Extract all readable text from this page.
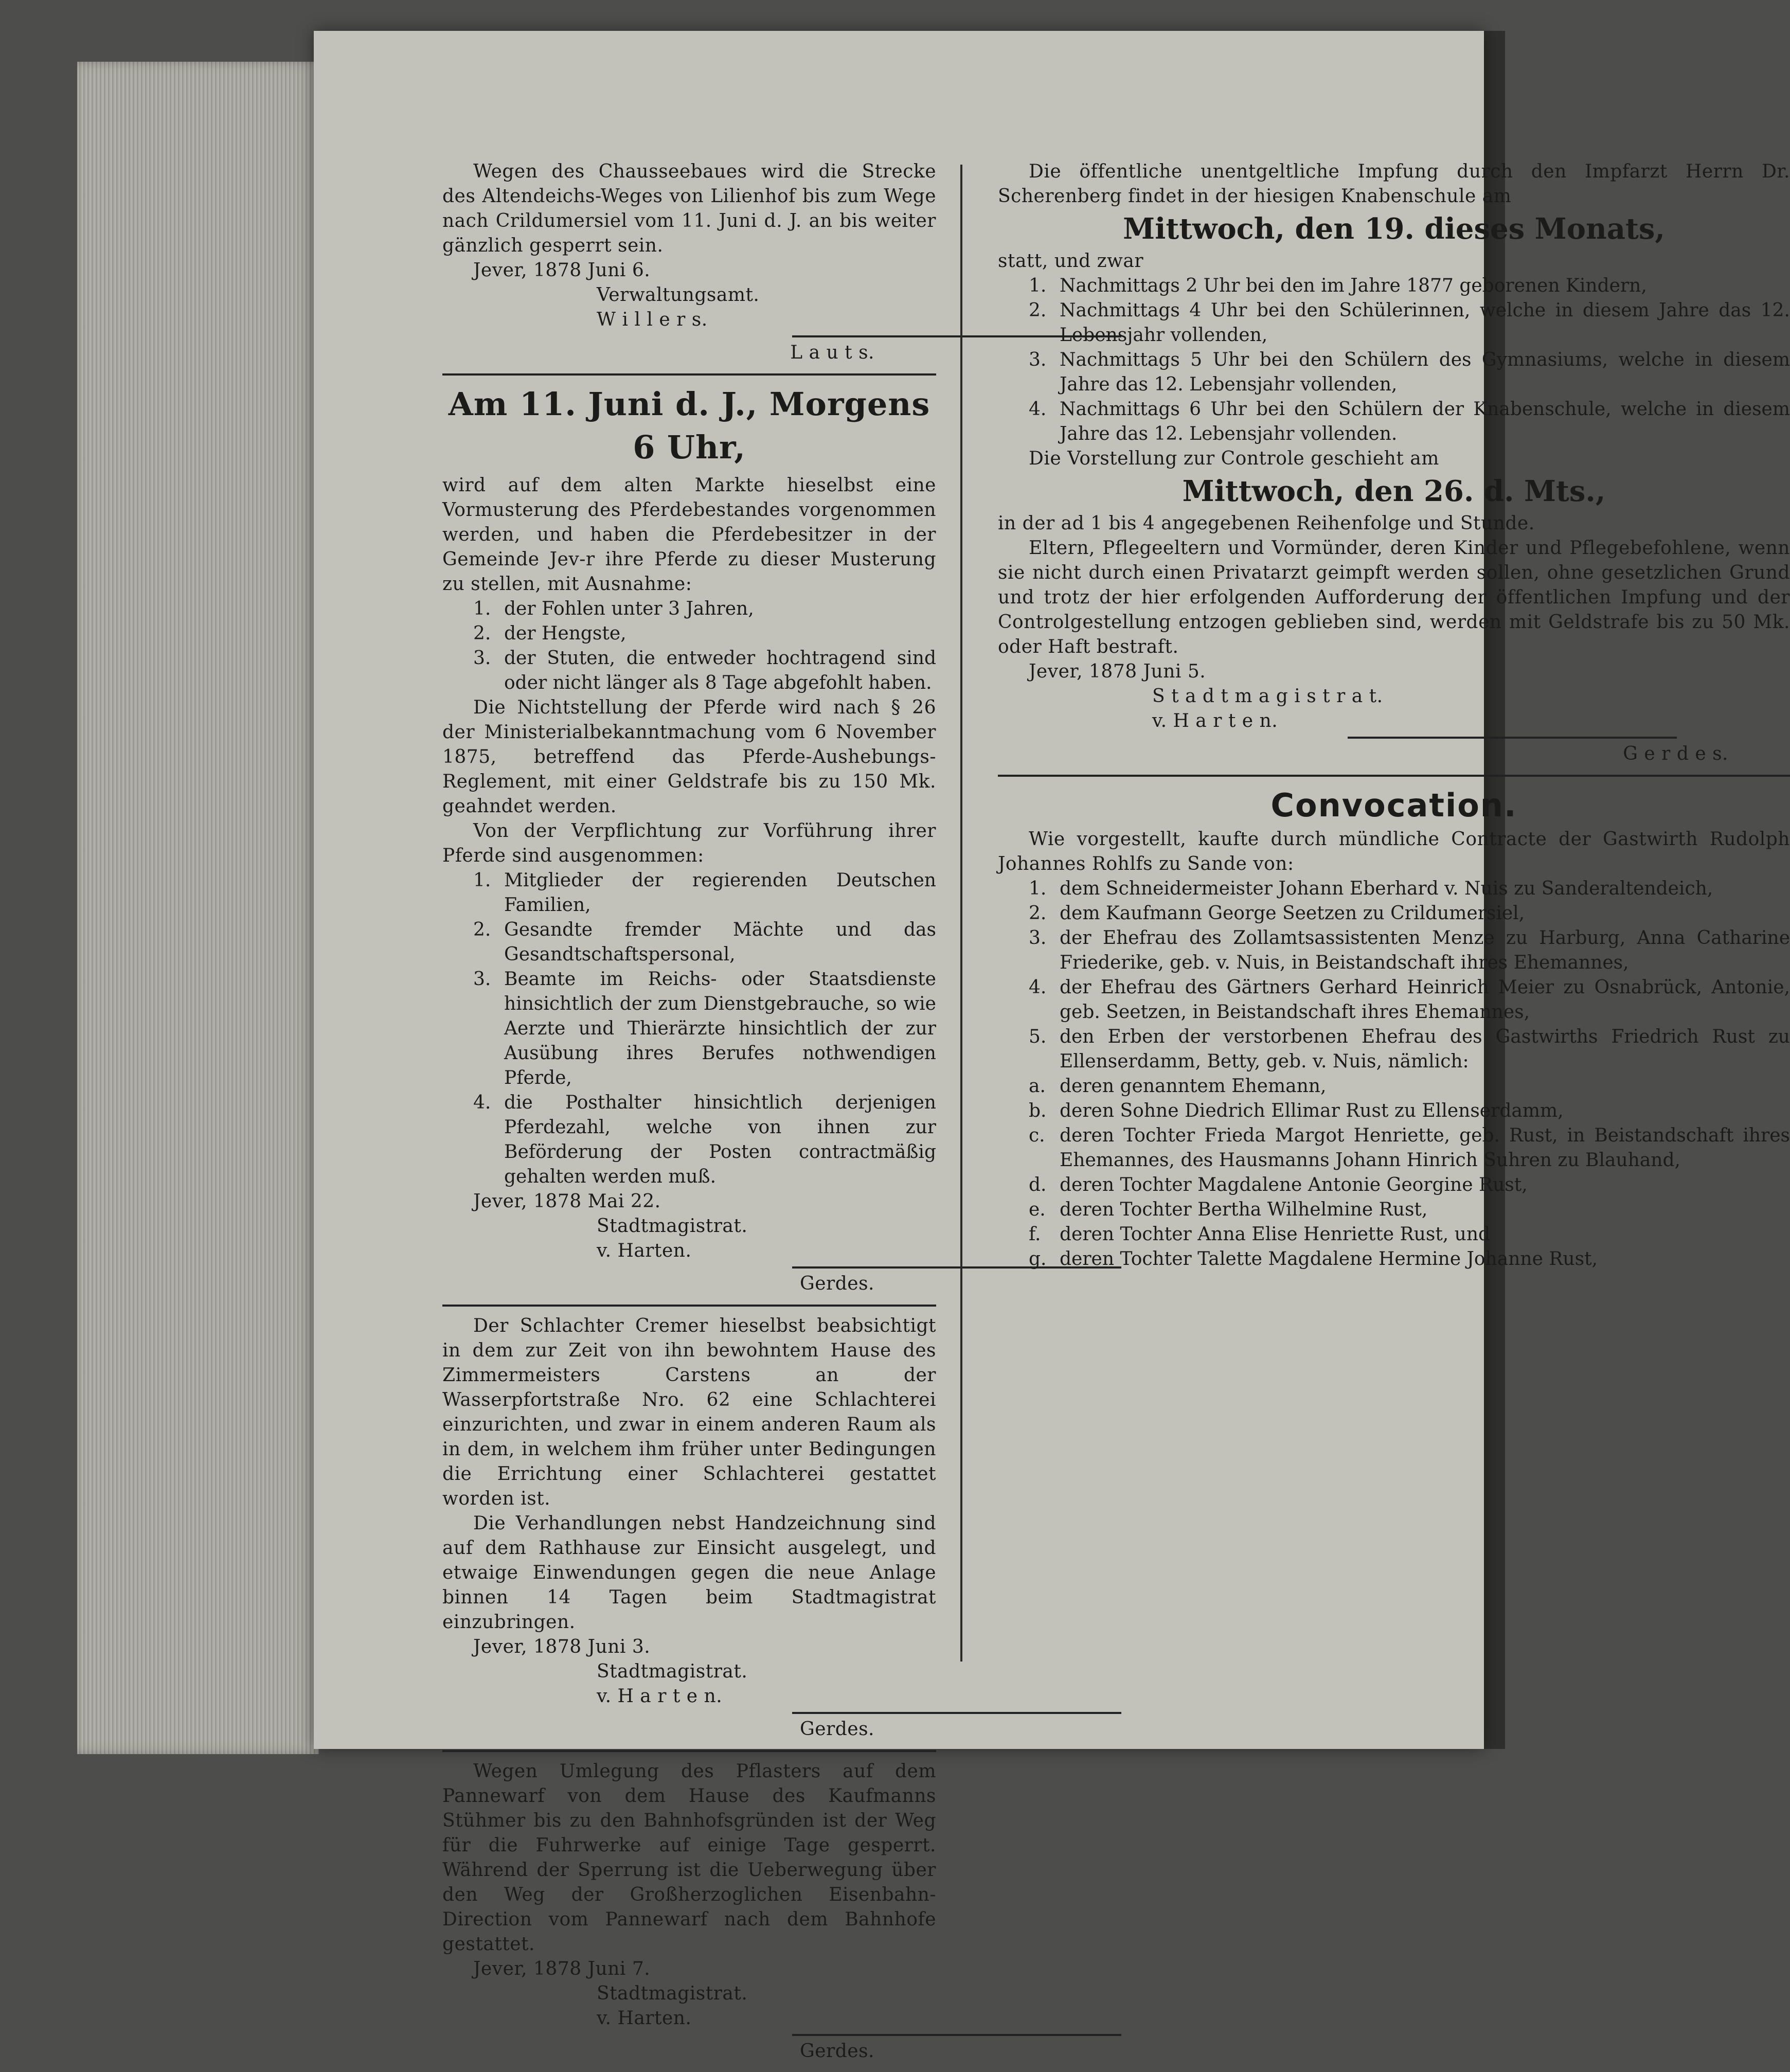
Wegen des Chausseebaues wird die Strecke des Altendeichs-Weges von Lilienhof bis zum Wege nach Crildumersiel vom 11. Juni d. J. an bis weiter gänzlich gesperrt sein.

Jever, 1878 Juni 6.

Verwaltungsamt.

W i l l e r s.

L a u t s.

Am 11. Juni d. J., Morgens 6 Uhr,

wird auf dem alten Markte hieselbst eine Vormusterung des Pferdebestandes vorgenommen werden, und haben die Pferdebesitzer in der Gemeinde Jev-r ihre Pferde zu dieser Musterung zu stellen, mit Ausnahme:

1. der Fohlen unter 3 Jahren,
2. der Hengste,
3. der Stuten, die entweder hochtragend sind oder nicht länger als 8 Tage abgefohlt haben.

Die Nichtstellung der Pferde wird nach § 26 der Ministerialbekanntmachung vom 6 November 1875, betreffend das Pferde-Aushebungs-Reglement, mit einer Geldstrafe bis zu 150 Mk. geahndet werden.

Von der Verpflichtung zur Vorführung ihrer Pferde sind ausgenommen:

1. Mitglieder der regierenden Deutschen Familien,
2. Gesandte fremder Mächte und das Gesandtschaftspersonal,
3. Beamte im Reichs- oder Staatsdienste hinsichtlich der zum Dienstgebrauche, so wie Aerzte und Thierärzte hinsichtlich der zur Ausübung ihres Berufes nothwendigen Pferde,
4. die Posthalter hinsichtlich derjenigen Pferdezahl, welche von ihnen zur Beförderung der Posten contractmäßig gehalten werden muß.

Jever, 1878 Mai 22.

Stadtmagistrat.

v. Harten.

Gerdes.

Der Schlachter Cremer hieselbst beabsichtigt in dem zur Zeit von ihn bewohntem Hause des Zimmermeisters Carstens an der Wasserpfortstraße Nro. 62 eine Schlachterei einzurichten, und zwar in einem anderen Raum als in dem, in welchem ihm früher unter Bedingungen die Errichtung einer Schlachterei gestattet worden ist.

Die Verhandlungen nebst Handzeichnung sind auf dem Rathhause zur Einsicht ausgelegt, und etwaige Einwendungen gegen die neue Anlage binnen 14 Tagen beim Stadtmagistrat einzubringen.

Jever, 1878 Juni 3.

Stadtmagistrat.

v. H a r t e n.

Gerdes.

Wegen Umlegung des Pflasters auf dem Pannewarf von dem Hause des Kaufmanns Stühmer bis zu den Bahnhofsgründen ist der Weg für die Fuhrwerke auf einige Tage gesperrt. Während der Sperrung ist die Ueberwegung über den Weg der Großherzoglichen Eisenbahn-Direction vom Pannewarf nach dem Bahnhofe gestattet.

Jever, 1878 Juni 7.

Stadtmagistrat.

v. Harten.

Gerdes.

Die öffentliche unentgeltliche Impfung durch den Impfarzt Herrn Dr. Scherenberg findet in der hiesigen Knabenschule am

Mittwoch, den 19. dieses Monats,

statt, und zwar

1. Nachmittags 2 Uhr bei den im Jahre 1877 geborenen Kindern,
2. Nachmittags 4 Uhr bei den Schülerinnen, welche in diesem Jahre das 12. Lebensjahr vollenden,
3. Nachmittags 5 Uhr bei den Schülern des Gymnasiums, welche in diesem Jahre das 12. Lebensjahr vollenden,
4. Nachmittags 6 Uhr bei den Schülern der Knabenschule, welche in diesem Jahre das 12. Lebensjahr vollenden.

Die Vorstellung zur Controle geschieht am

Mittwoch, den 26. d. Mts.,

in der ad 1 bis 4 angegebenen Reihenfolge und Stunde.

Eltern, Pflegeeltern und Vormünder, deren Kinder und Pflegebefohlene, wenn sie nicht durch einen Privatarzt geimpft werden sollen, ohne gesetzlichen Grund und trotz der hier erfolgenden Aufforderung der öffentlichen Impfung und der Controlgestellung entzogen geblieben sind, werden mit Geldstrafe bis zu 50 Mk. oder Haft bestraft.

Jever, 1878 Juni 5.

S t a d t m a g i s t r a t.

v. H a r t e n.

G e r d e s.

Convocation.

Wie vorgestellt, kaufte durch mündliche Contracte der Gastwirth Rudolph Johannes Rohlfs zu Sande von:

1. dem Schneidermeister Johann Eberhard v. Nuis zu Sanderaltendeich,
2. dem Kaufmann George Seetzen zu Crildumersiel,
3. der Ehefrau des Zollamtsassistenten Menze zu Harburg, Anna Catharine Friederike, geb. v. Nuis, in Beistandschaft ihres Ehemannes,
4. der Ehefrau des Gärtners Gerhard Heinrich Meier zu Osnabrück, Antonie, geb. Seetzen, in Beistandschaft ihres Ehemannes,
5. den Erben der verstorbenen Ehefrau des Gastwirths Friedrich Rust zu Ellenserdamm, Betty, geb. v. Nuis, nämlich:
a. deren genanntem Ehemann,
b. deren Sohne Diedrich Ellimar Rust zu Ellenserdamm,
c. deren Tochter Frieda Margot Henriette, geb. Rust, in Beistandschaft ihres Ehemannes, des Hausmanns Johann Hinrich Suhren zu Blauhand,
d. deren Tochter Magdalene Antonie Georgine Rust,
e. deren Tochter Bertha Wilhelmine Rust,
f. deren Tochter Anna Elise Henriette Rust, und
g. deren Tochter Talette Magdalene Hermine Johanne Rust,
